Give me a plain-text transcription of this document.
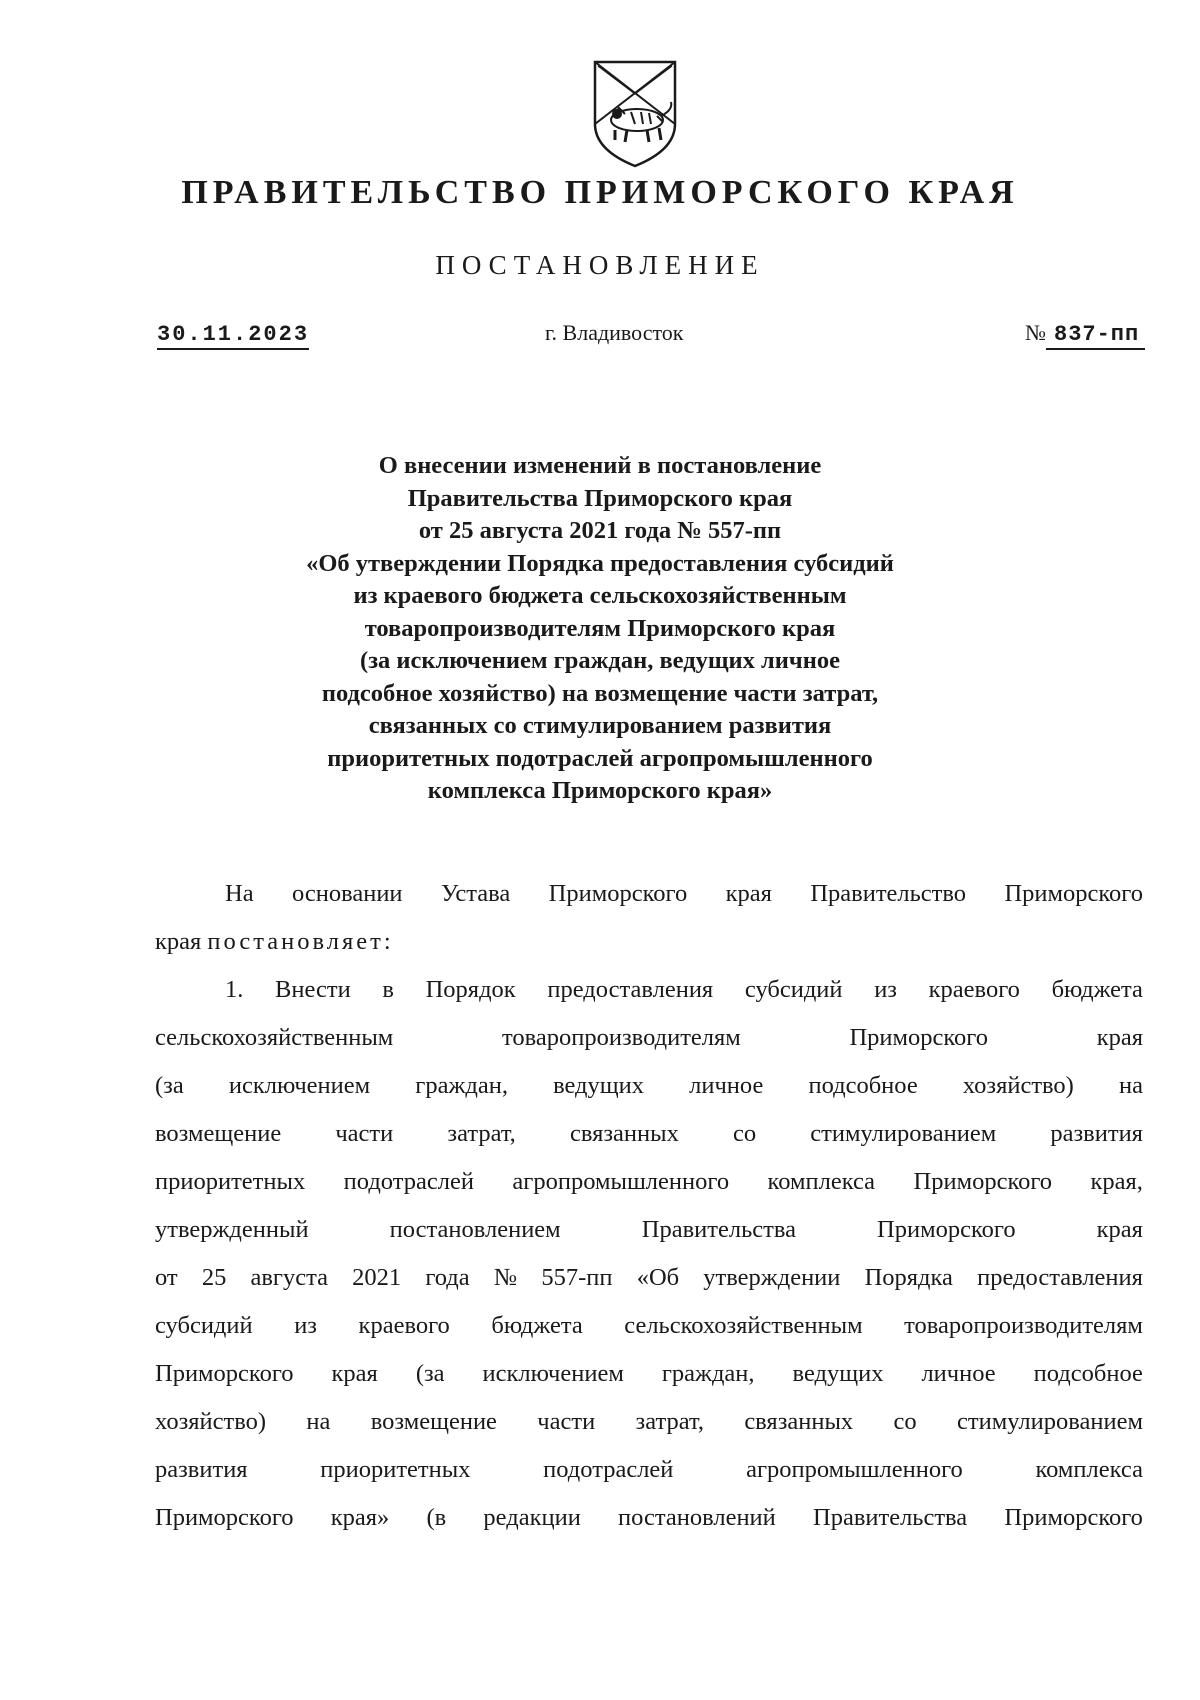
ПРАВИТЕЛЬСТВО ПРИМОРСКОГО КРАЯ
ПОСТАНОВЛЕНИЕ
30.11.2023	г. Владивосток	№ 837-пп
О внесении изменений в постановление
Правительства Приморского края
от 25 августа 2021 года № 557-пп
«Об утверждении Порядка предоставления субсидий
из краевого бюджета сельскохозяйственным
товаропроизводителям Приморского края
(за исключением граждан, ведущих личное
подсобное хозяйство) на возмещение части затрат,
связанных со стимулированием развития
приоритетных подотраслей агропромышленного
комплекса Приморского края»
На основании Устава Приморского края Правительство Приморского
края постановляет:
1. Внести в Порядок предоставления субсидий из краевого бюджета
сельскохозяйственным	товаропроизводителям	Приморского	края
(за исключением граждан, ведущих личное подсобное хозяйство) на
возмещение части затрат, связанных со стимулированием развития
приоритетных подотраслей агропромышленного комплекса Приморского края,
утвержденный	постановлением	Правительства	Приморского	края
от 25 августа 2021 года № 557-пп «Об утверждении Порядка предоставления
субсидий из краевого бюджета сельскохозяйственным товаропроизводителям
Приморского края (за исключением граждан, ведущих личное подсобное
хозяйство) на возмещение части затрат, связанных со стимулированием
развития	приоритетных	подотраслей	агропромышленного	комплекса
Приморского края» (в редакции постановлений Правительства Приморского
